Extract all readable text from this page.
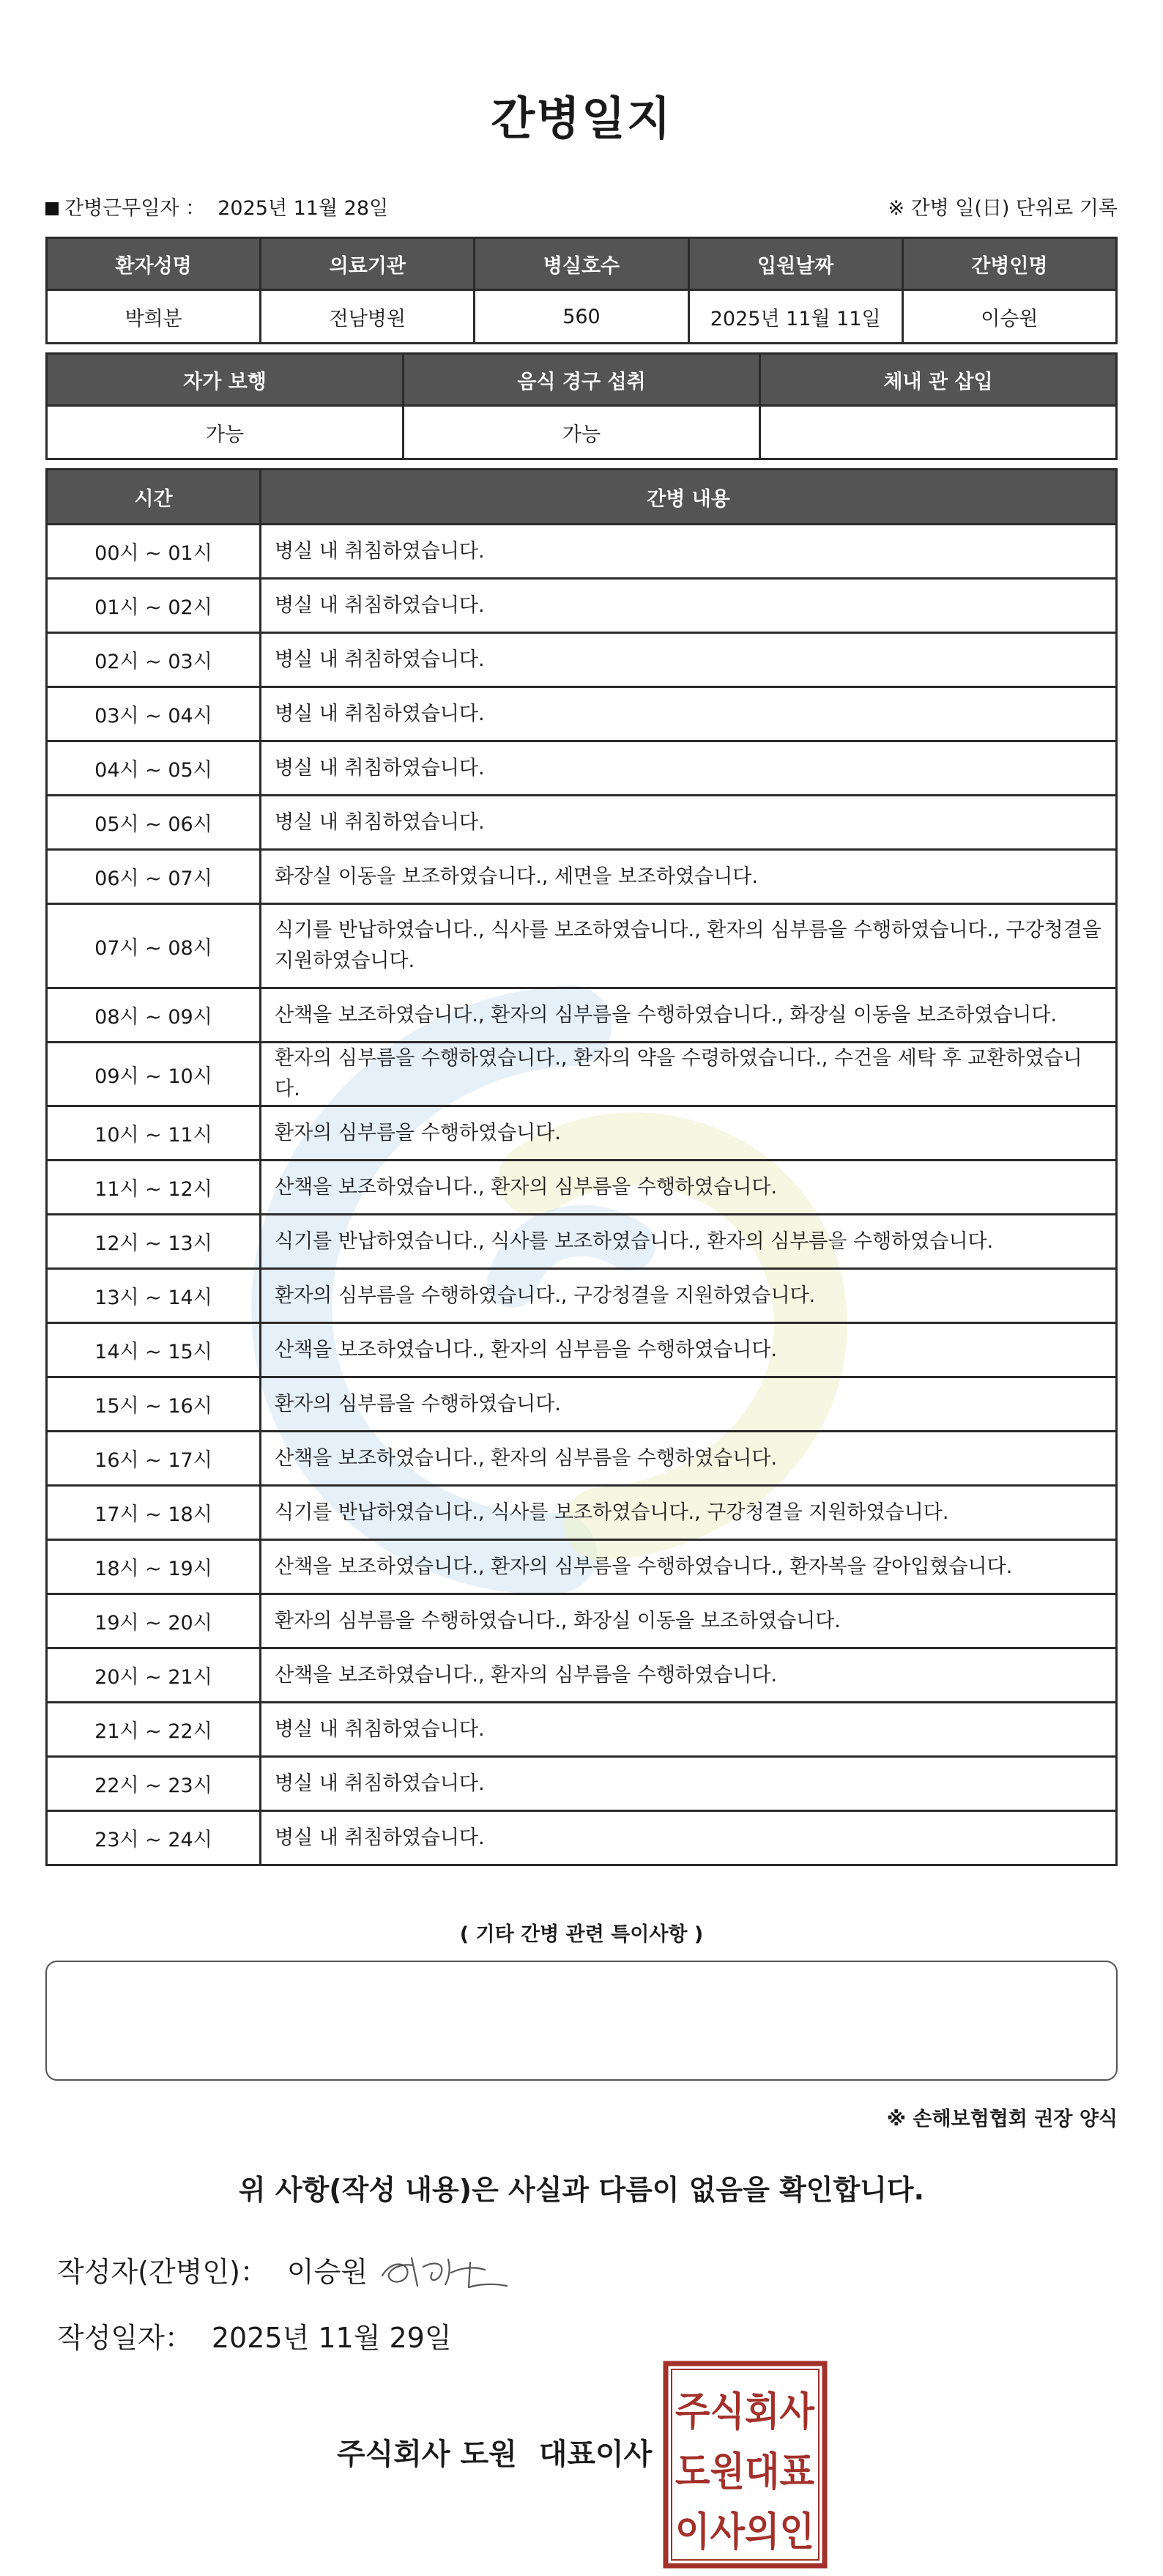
간병일지
간병근무일자 ： 2025년 11월 28일	※ 간병 일(日) 단위로 기록
환자성명	의료기관	병실호수	입원날짜	간병인명
박희분	전남병원	560	2025년 11월 11일	이승원
자가 보행	음식 경구 섭취	체내 관 삽입
가능	가능	
시간	간병 내용
00시 ~ 01시	병실 내 취침하였습니다.
01시 ~ 02시	병실 내 취침하였습니다.
02시 ~ 03시	병실 내 취침하였습니다.
03시 ~ 04시	병실 내 취침하였습니다.
04시 ~ 05시	병실 내 취침하였습니다.
05시 ~ 06시	병실 내 취침하였습니다.
06시 ~ 07시	화장실 이동을 보조하였습니다., 세면을 보조하였습니다.
07시 ~ 08시	식기를 반납하였습니다., 식사를 보조하였습니다., 환자의 심부름을 수행하였습니다., 구강청결을 지원하였습니다.
08시 ~ 09시	산책을 보조하였습니다., 환자의 심부름을 수행하였습니다., 화장실 이동을 보조하였습니다.
09시 ~ 10시	환자의 심부름을 수행하였습니다., 환자의 약을 수령하였습니다., 수건을 세탁 후 교환하였습니다.
10시 ~ 11시	환자의 심부름을 수행하였습니다.
11시 ~ 12시	산책을 보조하였습니다., 환자의 심부름을 수행하였습니다.
12시 ~ 13시	식기를 반납하였습니다., 식사를 보조하였습니다., 환자의 심부름을 수행하였습니다.
13시 ~ 14시	환자의 심부름을 수행하였습니다., 구강청결을 지원하였습니다.
14시 ~ 15시	산책을 보조하였습니다., 환자의 심부름을 수행하였습니다.
15시 ~ 16시	환자의 심부름을 수행하였습니다.
16시 ~ 17시	산책을 보조하였습니다., 환자의 심부름을 수행하였습니다.
17시 ~ 18시	식기를 반납하였습니다., 식사를 보조하였습니다., 구강청결을 지원하였습니다.
18시 ~ 19시	산책을 보조하였습니다., 환자의 심부름을 수행하였습니다., 환자복을 갈아입혔습니다.
19시 ~ 20시	환자의 심부름을 수행하였습니다., 화장실 이동을 보조하였습니다.
20시 ~ 21시	산책을 보조하였습니다., 환자의 심부름을 수행하였습니다.
21시 ~ 22시	병실 내 취침하였습니다.
22시 ~ 23시	병실 내 취침하였습니다.
23시 ~ 24시	병실 내 취침하였습니다.
( 기타 간병 관련 특이사항 )
※ 손해보험협회 권장 양식
위 사항(작성 내용)은 사실과 다름이 없음을 확인합니다.
작성자(간병인)： 이승원
작성일자： 2025년 11월 29일
주식회사 도원 대표이사
주식회사
도원대표
이사의인
